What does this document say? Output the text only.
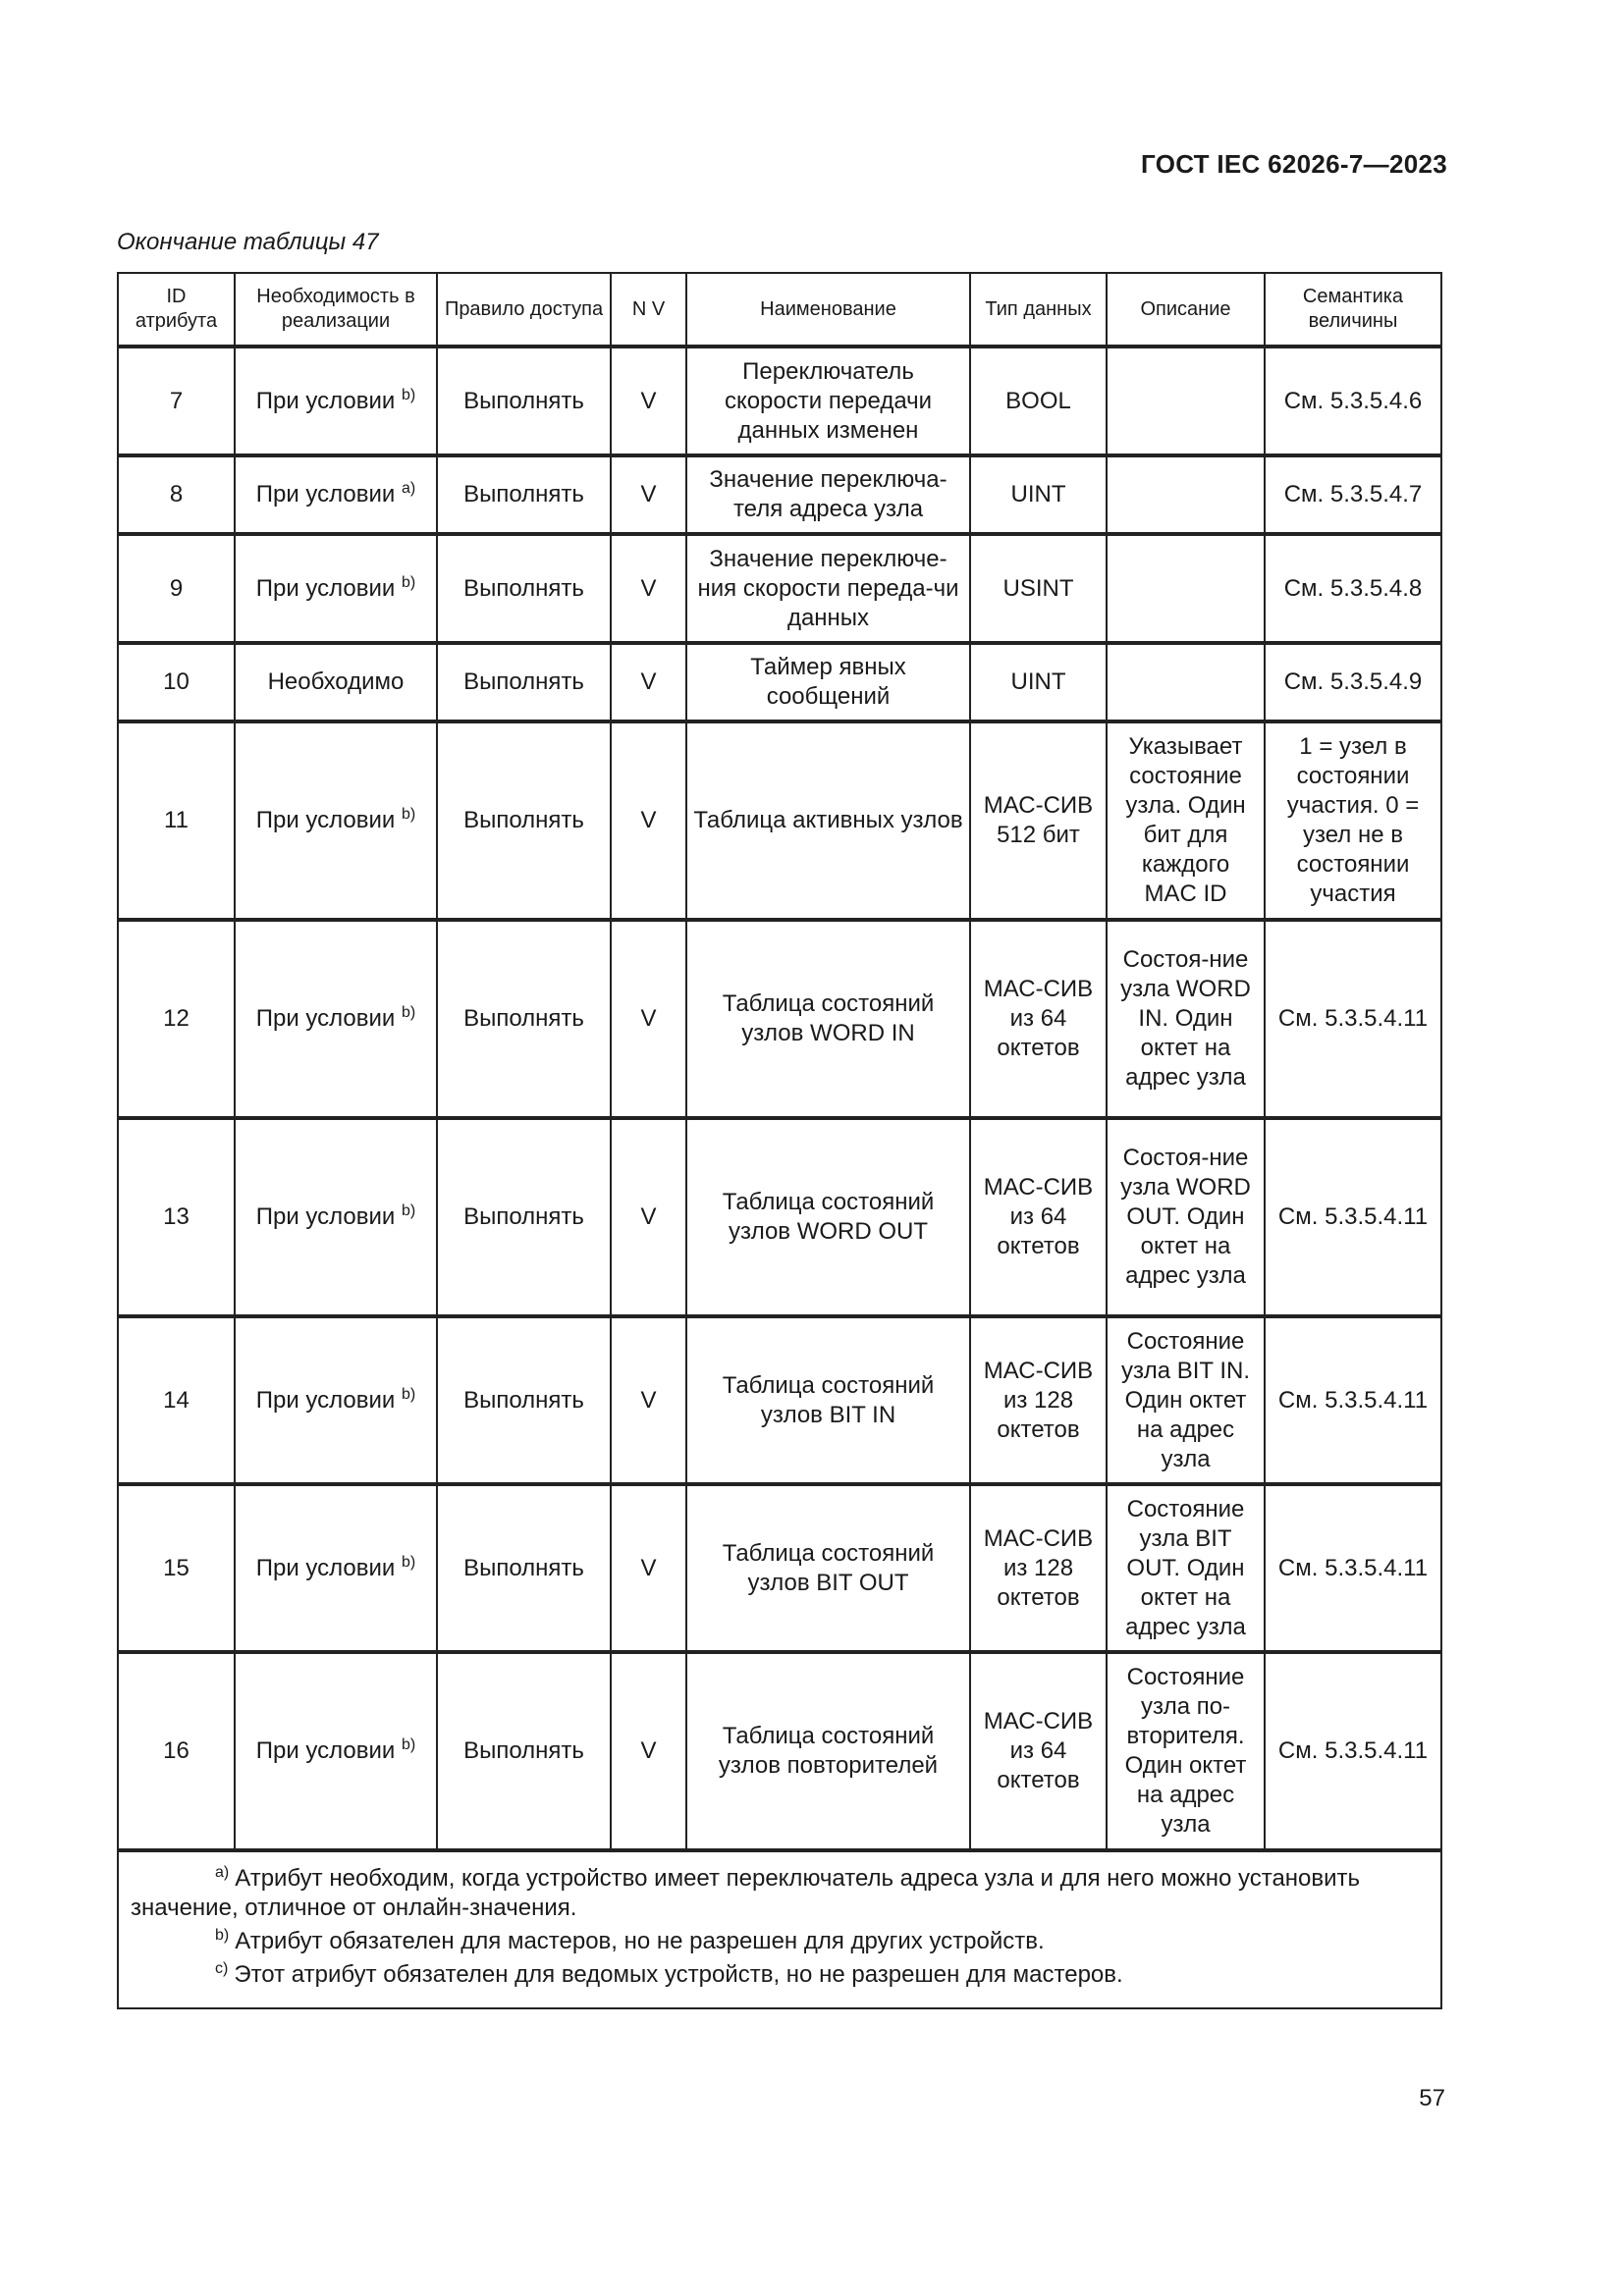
ГОСТ IEC 62026-7—2023
Окончание таблицы 47
ID атрибута	Необходимость в реализации	Правило доступа	N V	Наименование	Тип данных	Описание	Семантика величины
7	При условии $^{b)}$	Выполнять	V	Переключатель скорости передачи данных изменен	BOOL		См. 5.3.5.4.6
8	При условии $^{a)}$	Выполнять	V	Значение переключа-теля адреса узла	UINT		См. 5.3.5.4.7
9	При условии $^{b)}$	Выполнять	V	Значение переключе-ния скорости переда-чи данных	USINT		См. 5.3.5.4.8
10	Необходимо	Выполнять	V	Таймер явных сообщений	UINT		См. 5.3.5.4.9
11	При условии $^{b)}$	Выполнять	V	Таблица активных узлов	МАС-СИВ 512 бит	Указывает состояние узла. Один бит для каждого MAC ID	1 = узел в состоянии участия. 0 = узел не в состоянии участия
12	При условии $^{b)}$	Выполнять	V	Таблица состояний узлов WORD IN	МАС-СИВ из 64 октетов	Состоя-ние узла WORD IN. Один октет на адрес узла	См. 5.3.5.4.11
13	При условии $^{b)}$	Выполнять	V	Таблица состояний узлов WORD OUT	МАС-СИВ из 64 октетов	Состоя-ние узла WORD OUT. Один октет на адрес узла	См. 5.3.5.4.11
14	При условии $^{b)}$	Выполнять	V	Таблица состояний узлов BIT IN	МАС-СИВ из 128 октетов	Состояние узла BIT IN. Один октет на адрес узла	См. 5.3.5.4.11
15	При условии $^{b)}$	Выполнять	V	Таблица состояний узлов BIT OUT	МАС-СИВ из 128 октетов	Состояние узла BIT OUT. Один октет на адрес узла	См. 5.3.5.4.11
16	При условии $^{b)}$	Выполнять	V	Таблица состояний узлов повторителей	МАС-СИВ из 64 октетов	Состояние узла по-вторителя. Один октет на адрес узла	См. 5.3.5.4.11

$^{a)}$ Атрибут необходим, когда устройство имеет переключатель адреса узла и для него можно установить значение, отличное от онлайн-значения.
$^{b)}$ Атрибут обязателен для мастеров, но не разрешен для других устройств.
$^{c)}$ Этот атрибут обязателен для ведомых устройств, но не разрешен для мастеров.							
57
